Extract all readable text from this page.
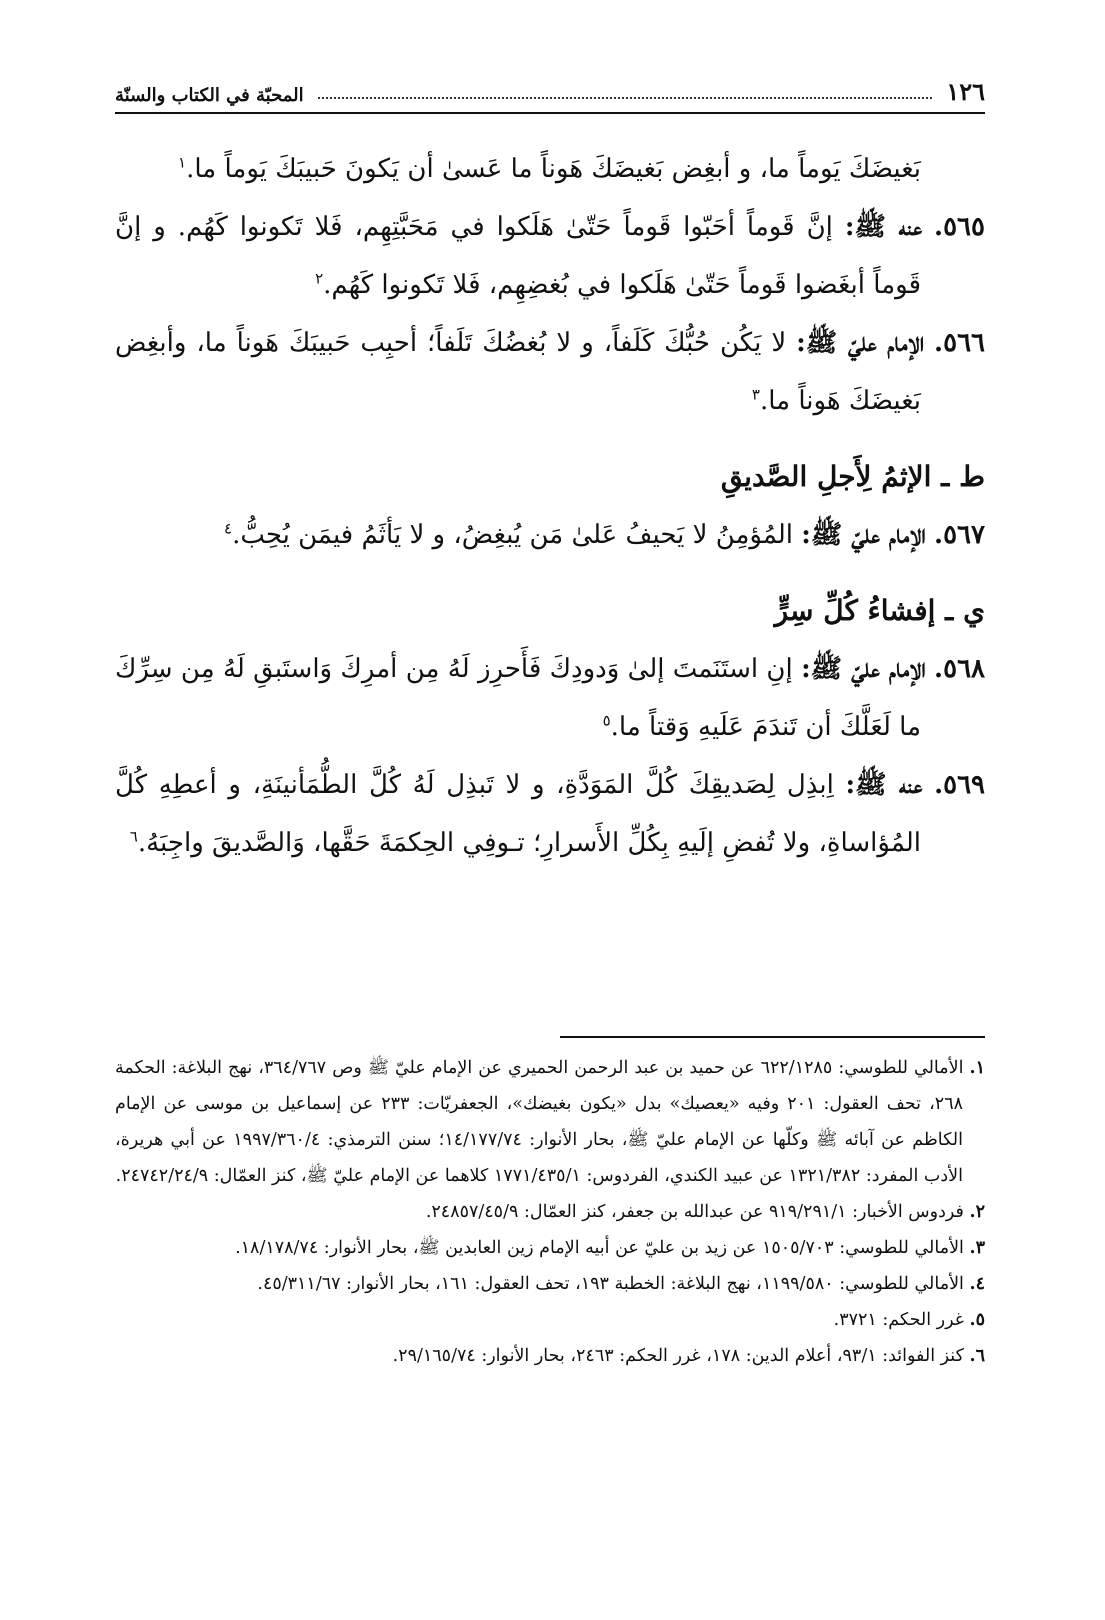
١٢٦
المحبّة في الكتاب والسنّة

بَغيضَكَ يَوماً ما، و أبغِض بَغيضَكَ هَوناً ما عَسىٰ أن يَكونَ حَبيبَكَ يَوماً ما.$^١$

٥٦٥. عنه ﷺ: إنَّ قَوماً أحَبّوا قَوماً حَتّىٰ هَلَكوا في مَحَبَّتِهِم، فَلا تَكونوا كَهُم. و إنَّ قَوماً أبغَضوا قَوماً حَتّىٰ هَلَكوا في بُغضِهِم، فَلا تَكونوا كَهُم.$^٢$

٥٦٦. الإمام عليّ ﷺ: لا يَكُن حُبُّكَ كَلَفاً، و لا بُغضُكَ تَلَفاً؛ أحبِب حَبيبَكَ هَوناً ما، وأبغِض بَغيضَكَ هَوناً ما.$^٣$

ط ـ الإثمُ لِأَجلِ الصَّديقِ

٥٦٧. الإمام عليّ ﷺ: المُؤمِنُ لا يَحيفُ عَلىٰ مَن يُبغِضُ، و لا يَأثَمُ فيمَن يُحِبُّ.$^٤$

ي ـ إفشاءُ كُلِّ سِرٍّ

٥٦٨. الإمام عليّ ﷺ: إنِ استَنَمتَ إلىٰ وَدودِكَ فَأَحرِز لَهُ مِن أمرِكَ وَاستَبقِ لَهُ مِن سِرِّكَ ما لَعَلَّكَ أن تَندَمَ عَلَيهِ وَقتاً ما.$^٥$

٥٦٩. عنه ﷺ: اِبذِل لِصَديقِكَ كُلَّ المَوَدَّةِ، و لا تَبذِل لَهُ كُلَّ الطُّمَأنينَةِ، و أعطِهِ كُلَّ المُؤاساةِ، ولا تُفضِ إلَيهِ بِكُلِّ الأَسرارِ؛ تـوفِي الحِكمَةَ حَقَّها، وَالصَّديقَ واجِبَهُ.$^٦$

١. الأمالي للطوسي: ٦٢٢/١٢٨٥ عن حميد بن عبد الرحمن الحميري عن الإمام عليّ ﷺ وص ٣٦٤/٧٦٧، نهج البلاغة: الحكمة ٢٦٨، تحف العقول: ٢٠١ وفيه «يعصيك» بدل «يكون بغيضك»، الجعفريّات: ٢٣٣ عن إسماعيل بن موسى عن الإمام الكاظم عن آبائه ﷺ وكلّها عن الإمام عليّ ﷺ، بحار الأنوار: ١٤/١٧٧/٧٤؛ سنن الترمذي: ١٩٩٧/٣٦٠/٤ عن أبي هريرة، الأدب المفرد: ١٣٢١/٣٨٢ عن عبيد الكندي، الفردوس: ١٧٧١/٤٣٥/١ كلاهما عن الإمام عليّ ﷺ، كنز العمّال: ٢٤٧٤٢/٢٤/٩.

٢. فردوس الأخبار: ٩١٩/٢٩١/١ عن عبدالله بن جعفر، كنز العمّال: ٢٤٨٥٧/٤٥/٩.

٣. الأمالي للطوسي: ١٥٠٥/٧٠٣ عن زيد بن عليّ عن أبيه الإمام زين العابدين ﷺ، بحار الأنوار: ١٨/١٧٨/٧٤.

٤. الأمالي للطوسي: ١١٩٩/٥٨٠، نهج البلاغة: الخطبة ١٩٣، تحف العقول: ١٦١، بحار الأنوار: ٤٥/٣١١/٦٧.

٥. غرر الحكم: ٣٧٢١.

٦. كنز الفوائد: ٩٣/١، أعلام الدين: ١٧٨، غرر الحكم: ٢٤٦٣، بحار الأنوار: ٢٩/١٦٥/٧٤.
